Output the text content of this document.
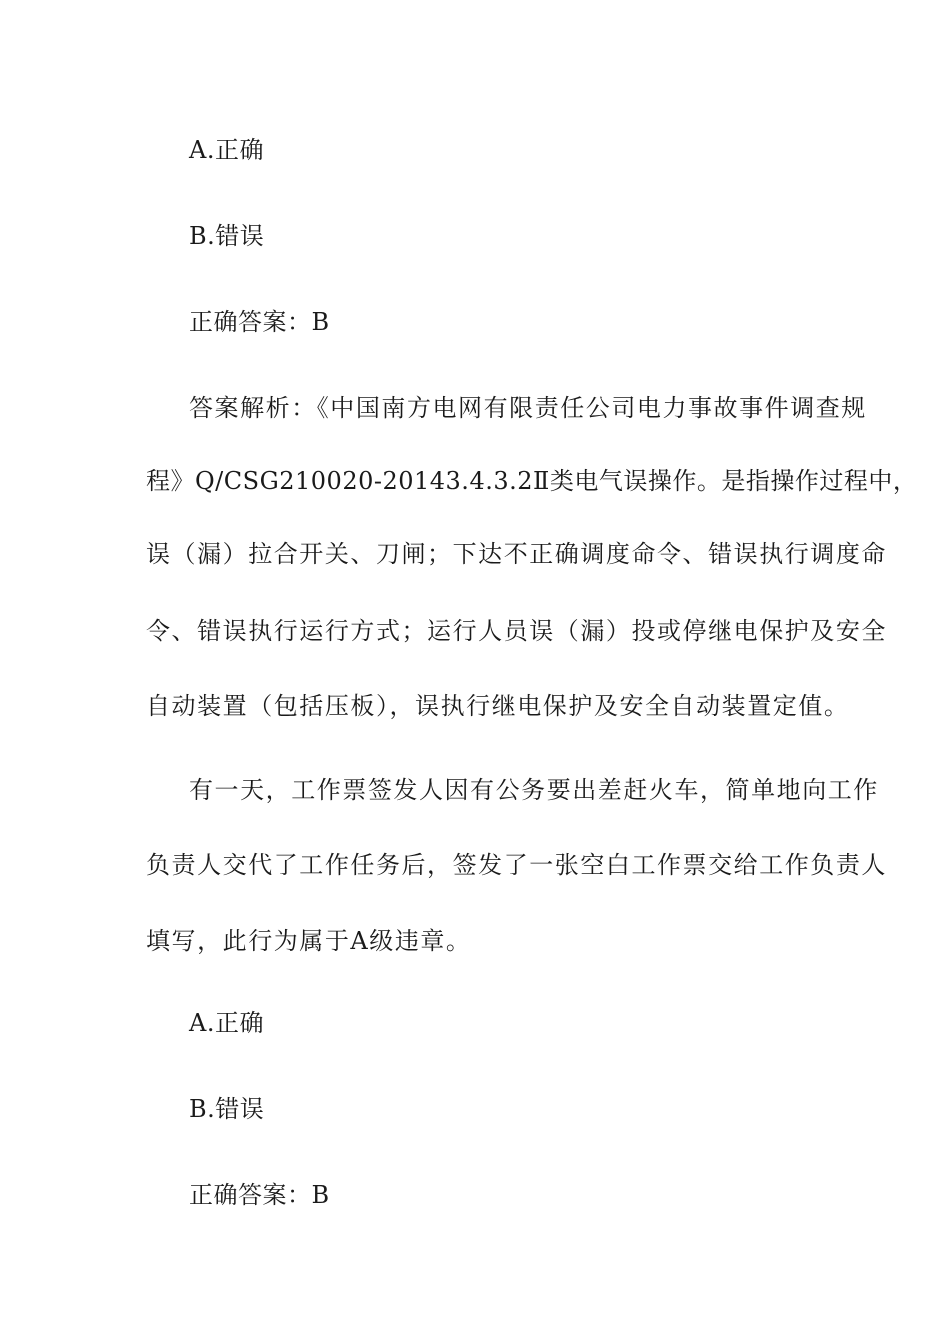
A.正确
B.错误
正确答案：B
答案解析：《中国南方电网有限责任公司电力事故事件调查规
程》Q/CSG210020-20143.4.3.2Ⅱ类电气误操作。是指操作过程中，
误（漏）拉合开关、刀闸；下达不正确调度命令、错误执行调度命
令、错误执行运行方式；运行人员误（漏）投或停继电保护及安全
自动装置（包括压板），误执行继电保护及安全自动装置定值。
有一天，工作票签发人因有公务要出差赶火车，简单地向工作
负责人交代了工作任务后，签发了一张空白工作票交给工作负责人
填写，此行为属于A级违章。
A.正确
B.错误
正确答案：B
